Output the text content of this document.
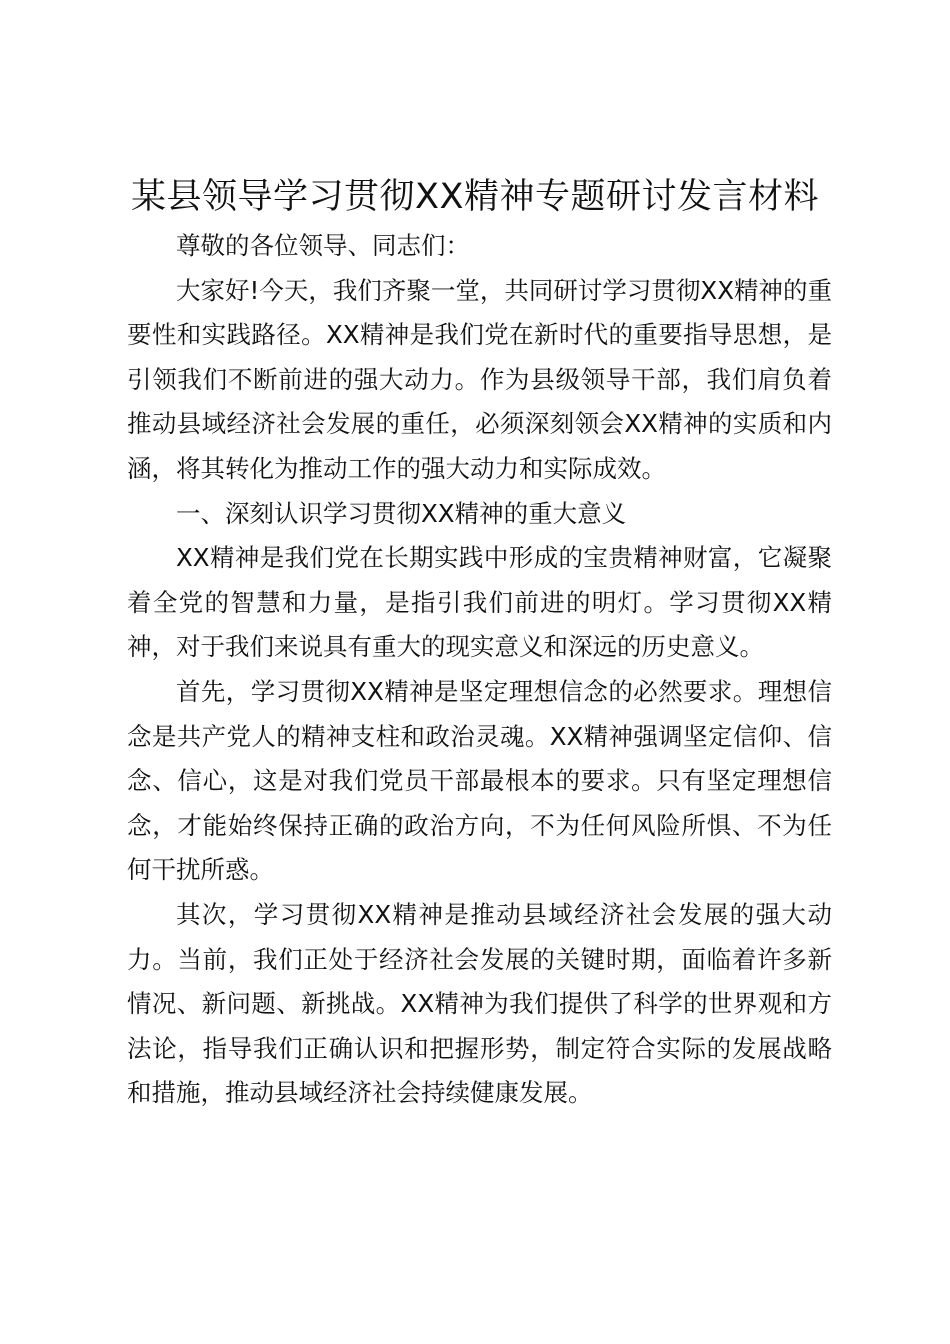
某县领导学习贯彻XX精神专题研讨发言材料

尊敬的各位领导、同志们：

大家好!今天，我们齐聚一堂，共同研讨学习贯彻XX精神的重要性和实践路径。XX精神是我们党在新时代的重要指导思想，是引领我们不断前进的强大动力。作为县级领导干部，我们肩负着推动县域经济社会发展的重任，必须深刻领会XX精神的实质和内涵，将其转化为推动工作的强大动力和实际成效。

一、深刻认识学习贯彻XX精神的重大意义

XX精神是我们党在长期实践中形成的宝贵精神财富，它凝聚着全党的智慧和力量，是指引我们前进的明灯。学习贯彻XX精神，对于我们来说具有重大的现实意义和深远的历史意义。

首先，学习贯彻XX精神是坚定理想信念的必然要求。理想信念是共产党人的精神支柱和政治灵魂。XX精神强调坚定信仰、信念、信心，这是对我们党员干部最根本的要求。只有坚定理想信念，才能始终保持正确的政治方向，不为任何风险所惧、不为任何干扰所惑。

其次，学习贯彻XX精神是推动县域经济社会发展的强大动力。当前，我们正处于经济社会发展的关键时期，面临着许多新情况、新问题、新挑战。XX精神为我们提供了科学的世界观和方法论，指导我们正确认识和把握形势，制定符合实际的发展战略和措施，推动县域经济社会持续健康发展。
